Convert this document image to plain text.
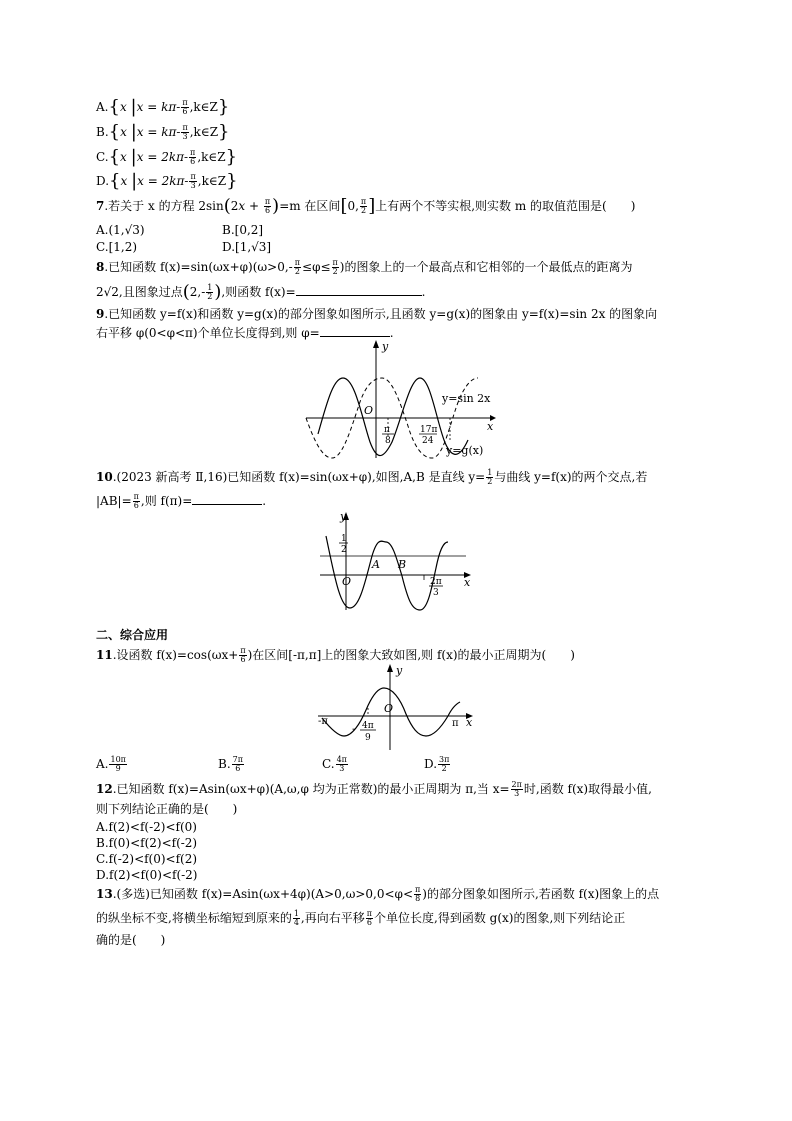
A.{x $|x = k\pi- \frac{\pi}{6}$ ,k∈Z}
B.{x $|x = k\pi- \frac{\pi}{3}$ ,k∈Z}
C.{x $|x = 2k\pi- \frac{\pi}{6}$ ,k∈Z}
D.{x $|x = 2k\pi- \frac{\pi}{3}$ ,k∈Z}
7.若关于 x 的方程 $2\sin(2x + \frac{\pi}{6} )=m$ 在区间[0, $\frac{\pi}{2}$ ]上有两个不等实根,则实数 m 的取值范围是(　　)
A.(1,√3)	B.[0,2]
C.[1,2)	D.[1,√3]
8.已知函数 $f(x)=\sin(\omega x+\varphi)(\omega>0,- \frac{\pi}{2} \le\varphi\le \frac{\pi}{2}$ )的图象上的一个最高点和它相邻的一个最低点的距离为
2√2,且图象过点($2,- \frac{1}{2}$ ),则函数 f(x)=	.
9.已知函数 y=f(x)和函数 y=g(x)的部分图象如图所示,且函数 y=g(x)的图象由 y=f(x)=sin 2x 的图象向
右平移 φ(0<φ<π)个单位长度得到,则 φ=	.
y
x
O
y=sin 2x
y=g(x)
π
8
17π
24
10.(2023 新高考 Ⅱ,16)已知函数 f(x)=sin(ωx+φ),如图,A,B 是直线 $y= \frac{1}{2}$ 与曲线 y=f(x)的两个交点,若
$|AB|= \frac{\pi}{6}$ ,则 f(π)=	.
y
x
O
A B
1
2
2π
3
二、综合应用
11.设函数 $f(x)=\cos(\omega x+ \frac{\pi}{6}$ )在区间[-π,π]上的图象大致如图,则 f(x)的最小正周期为(　　)
y
x
O
-π	π
- 4π
9
A. $\frac{10\pi}{9}$	B. $\frac{7\pi}{6}$	C. $\frac{4\pi}{3}$	D. $\frac{3\pi}{2}$
12.已知函数 f(x)=Asin(ωx+φ)(A,ω,φ 均为正常数)的最小正周期为 π,当 $x= \frac{2\pi}{3}$ 时,函数 f(x)取得最小值,
则下列结论正确的是(　　)
A.f(2)<f(-2)<f(0)
B.f(0)<f(2)<f(-2)
C.f(-2)<f(0)<f(2)
D.f(2)<f(0)<f(-2)
13.(多选)已知函数 $f(x)=Asin(\omega x+4\varphi)(A>0,\omega>0,0<\varphi< \frac{\pi}{8}$ )的部分图象如图所示,若函数 f(x)图象上的点
的纵坐标不变,将横坐标缩短到原来的 $\frac{1}{4}$ ,再向右平移 $\frac{\pi}{6}$ 个单位长度,得到函数 g(x)的图象,则下列结论正
确的是(　　)
